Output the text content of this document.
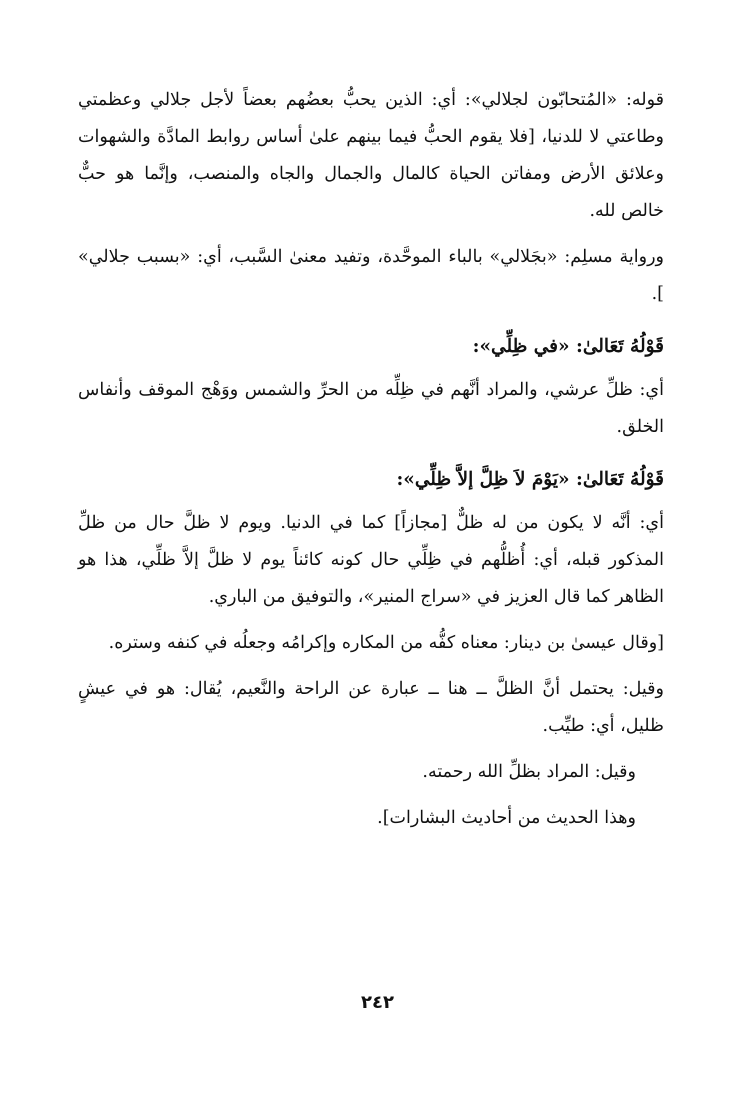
قوله: «المُتحابّون لجلالي»: أي: الذين يحبُّ بعضُهم بعضاً لأجل جلالي وعظمتي وطاعتي لا للدنيا، [فلا يقوم الحبُّ فيما بينهم علىٰ أساس روابط المادَّة والشهوات وعلائق الأرض ومفاتن الحياة كالمال والجمال والجاه والمنصب، وإنَّما هو حبٌّ خالص لله.

ورواية مسلِم: «بجَلالي» بالباء الموحَّدة، وتفيد معنىٰ السَّبب، أي: «بسبب جلالي» ].

قَوْلُهُ تَعَالىٰ: «في ظِلِّي»:

أي: ظلِّ عرشي، والمراد أنَّهم في ظِلِّه من الحرِّ والشمس ووَهْج الموقف وأنفاس الخلق.

قَوْلُهُ تَعَالىٰ: «يَوْمَ لاَ ظِلَّ إلاَّ ظِلِّي»:

أي: أنَّه لا يكون من له ظلٌّ [مجازاً] كما في الدنيا. ويوم لا ظلَّ حال من ظلِّ المذكور قبله، أي: أُظلُّهم في ظِلِّي حال كونه كائناً يوم لا ظلَّ إلاَّ ظلِّي، هذا هو الظاهر كما قال العزيز في «سراج المنير»، والتوفيق من الباري.

[وقال عيسىٰ بن دينار: معناه كفُّه من المكاره وإكرامُه وجعلُه في كنفه وستره.

وقيل: يحتمل أنَّ الظلَّ ــ هنا ــ عبارة عن الراحة والنَّعيم، يُقال: هو في عيشٍ ظليل، أي: طيِّب.

وقيل: المراد بظلِّ الله رحمته.

وهذا الحديث من أحاديث البشارات].

٢٤٢
